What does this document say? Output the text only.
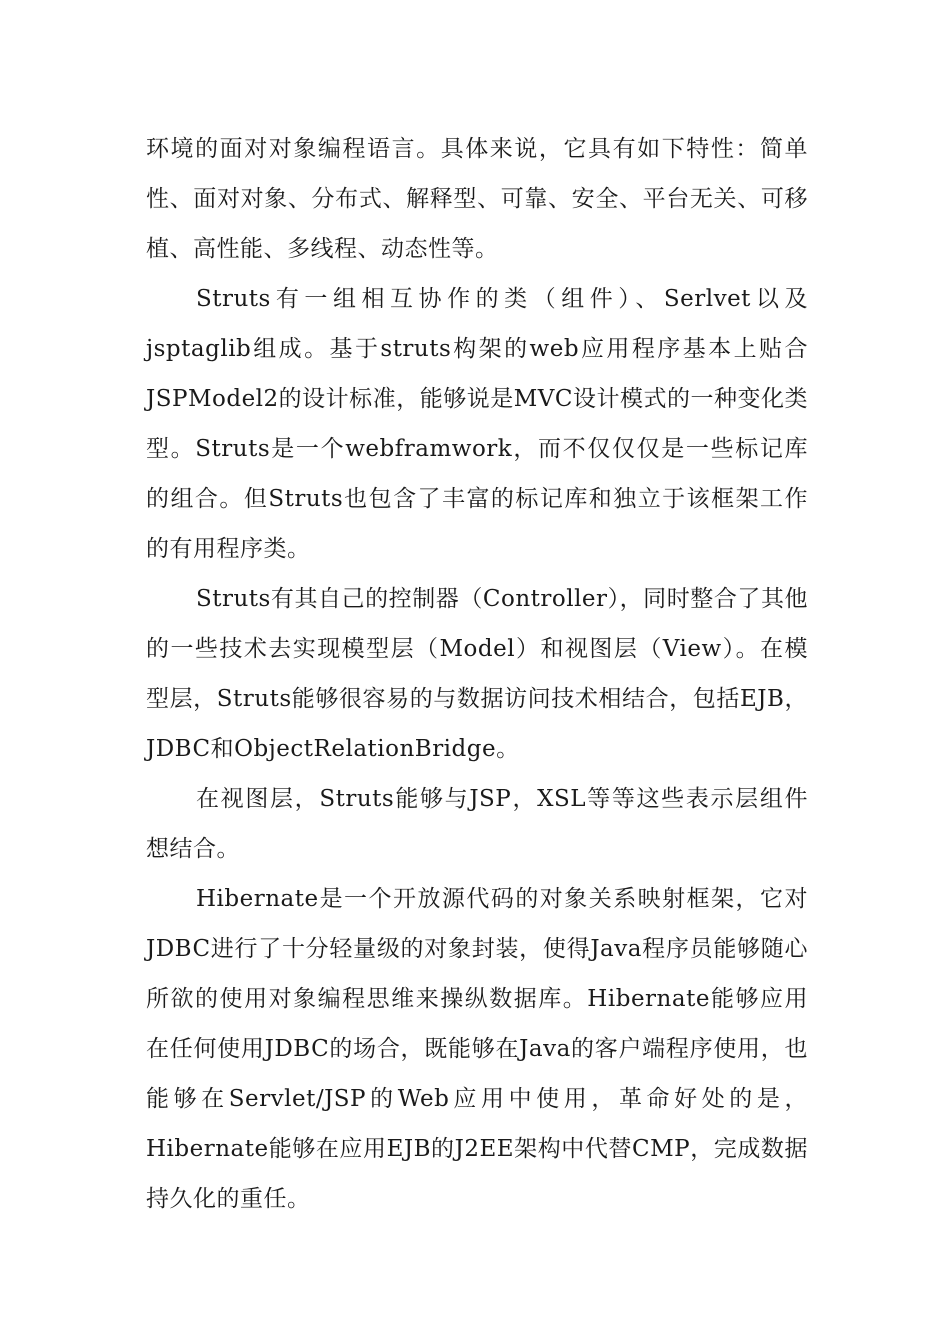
环境的面对对象编程语言。具体来说，它具有如下特性：简单性、面对对象、分布式、解释型、可靠、安全、平台无关、可移植、高性能、多线程、动态性等。

Struts有一组相互协作的类（组件）、Serlvet以及jsptaglib组成。基于struts构架的web应用程序基本上贴合JSPModel2的设计标准，能够说是MVC设计模式的一种变化类型。Struts是一个webframwork，而不仅仅仅是一些标记库的组合。但Struts也包含了丰富的标记库和独立于该框架工作的有用程序类。

Struts有其自己的控制器（Controller），同时整合了其他的一些技术去实现模型层（Model）和视图层（View）。在模型层，Struts能够很容易的与数据访问技术相结合，包括EJB，JDBC和ObjectRelationBridge。

在视图层，Struts能够与JSP，XSL等等这些表示层组件想结合。

Hibernate是一个开放源代码的对象关系映射框架，它对JDBC进行了十分轻量级的对象封装，使得Java程序员能够随心所欲的使用对象编程思维来操纵数据库。Hibernate能够应用在任何使用JDBC的场合，既能够在Java的客户端程序使用，也能够在Servlet/JSP的Web应用中使用，革命好处的是，Hibernate能够在应用EJB的J2EE架构中代替CMP，完成数据持久化的重任。
